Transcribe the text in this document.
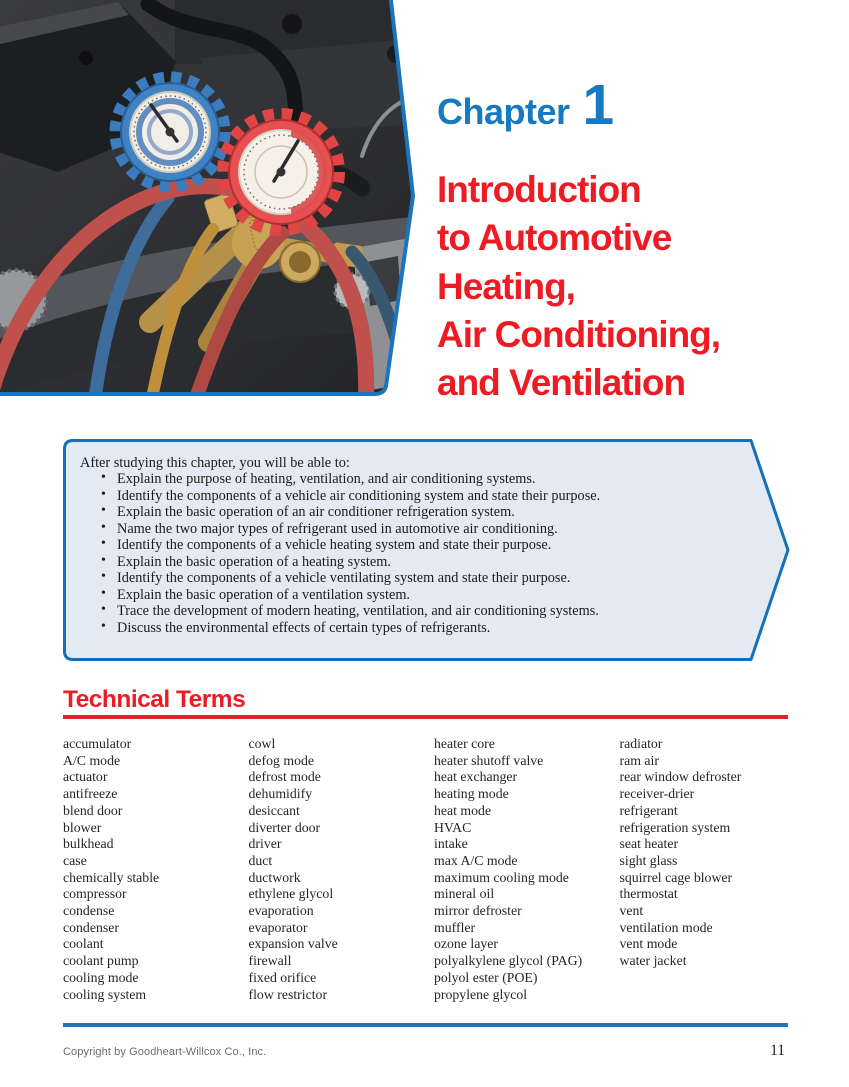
Chapter 1
Introduction
to Automotive
Heating,
Air Conditioning,
and Ventilation

After studying this chapter, you will be able to:

• Explain the purpose of heating, ventilation, and air conditioning systems.
• Identify the components of a vehicle air conditioning system and state their purpose.
• Explain the basic operation of an air conditioner refrigeration system.
• Name the two major types of refrigerant used in automotive air conditioning.
• Identify the components of a vehicle heating system and state their purpose.
• Explain the basic operation of a heating system.
• Identify the components of a vehicle ventilating system and state their purpose.
• Explain the basic operation of a ventilation system.
• Trace the development of modern heating, ventilation, and air conditioning systems.
• Discuss the environmental effects of certain types of refrigerants.
Technical Terms
accumulator
A/C mode
actuator
antifreeze
blend door
blower
bulkhead
case
chemically stable
compressor
condense
condenser
coolant
coolant pump
cooling mode
cooling system
cowl
defog mode
defrost mode
dehumidify
desiccant
diverter door
driver
duct
ductwork
ethylene glycol
evaporation
evaporator
expansion valve
firewall
fixed orifice
flow restrictor
heater core
heater shutoff valve
heat exchanger
heating mode
heat mode
HVAC
intake
max A/C mode
maximum cooling mode
mineral oil
mirror defroster
muffler
ozone layer
polyalkylene glycol (PAG)
polyol ester (POE)
propylene glycol
radiator
ram air
rear window defroster
receiver-drier
refrigerant
refrigeration system
seat heater
sight glass
squirrel cage blower
thermostat
vent
ventilation mode
vent mode
water jacket
Copyright by Goodheart-Willcox Co., Inc.	11
